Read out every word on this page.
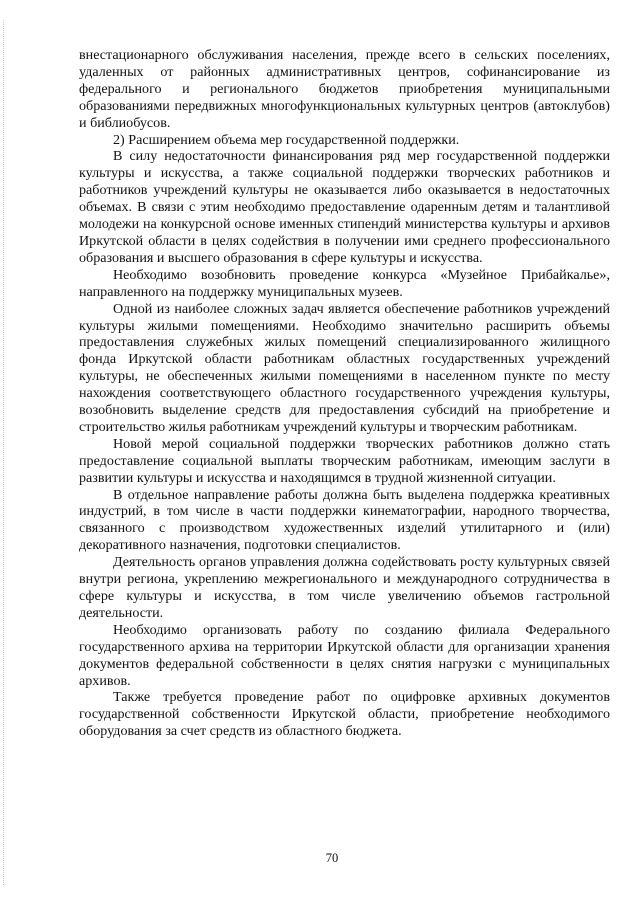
внестационарного обслуживания населения, прежде всего в сельских поселениях, удаленных от районных административных центров, софинансирование из федерального и регионального бюджетов приобретения муниципальными образованиями передвижных многофункциональных культурных центров (автоклубов) и библиобусов.

2) Расширением объема мер государственной поддержки.

В силу недостаточности финансирования ряд мер государственной поддержки культуры и искусства, а также социальной поддержки творческих работников и работников учреждений культуры не оказывается либо оказывается в недостаточных объемах. В связи с этим необходимо предоставление одаренным детям и талантливой молодежи на конкурсной основе именных стипендий министерства культуры и архивов Иркутской области в целях содействия в получении ими среднего профессионального образования и высшего образования в сфере культуры и искусства.

Необходимо возобновить проведение конкурса «Музейное Прибайкалье», направленного на поддержку муниципальных музеев.

Одной из наиболее сложных задач является обеспечение работников учреждений культуры жилыми помещениями. Необходимо значительно расширить объемы предоставления служебных жилых помещений специализированного жилищного фонда Иркутской области работникам областных государственных учреждений культуры, не обеспеченных жилыми помещениями в населенном пункте по месту нахождения соответствующего областного государственного учреждения культуры, возобновить выделение средств для предоставления субсидий на приобретение и строительство жилья работникам учреждений культуры и творческим работникам.

Новой мерой социальной поддержки творческих работников должно стать предоставление социальной выплаты творческим работникам, имеющим заслуги в развитии культуры и искусства и находящимся в трудной жизненной ситуации.

В отдельное направление работы должна быть выделена поддержка креативных индустрий, в том числе в части поддержки кинематографии, народного творчества, связанного с производством художественных изделий утилитарного и (или) декоративного назначения, подготовки специалистов.

Деятельность органов управления должна содействовать росту культурных связей внутри региона, укреплению межрегионального и международного сотрудничества в сфере культуры и искусства, в том числе увеличению объемов гастрольной деятельности.

Необходимо организовать работу по созданию филиала Федерального государственного архива на территории Иркутской области для организации хранения документов федеральной собственности в целях снятия нагрузки с муниципальных архивов.

Также требуется проведение работ по оцифровке архивных документов государственной собственности Иркутской области, приобретение необходимого оборудования за счет средств из областного бюджета.

70
